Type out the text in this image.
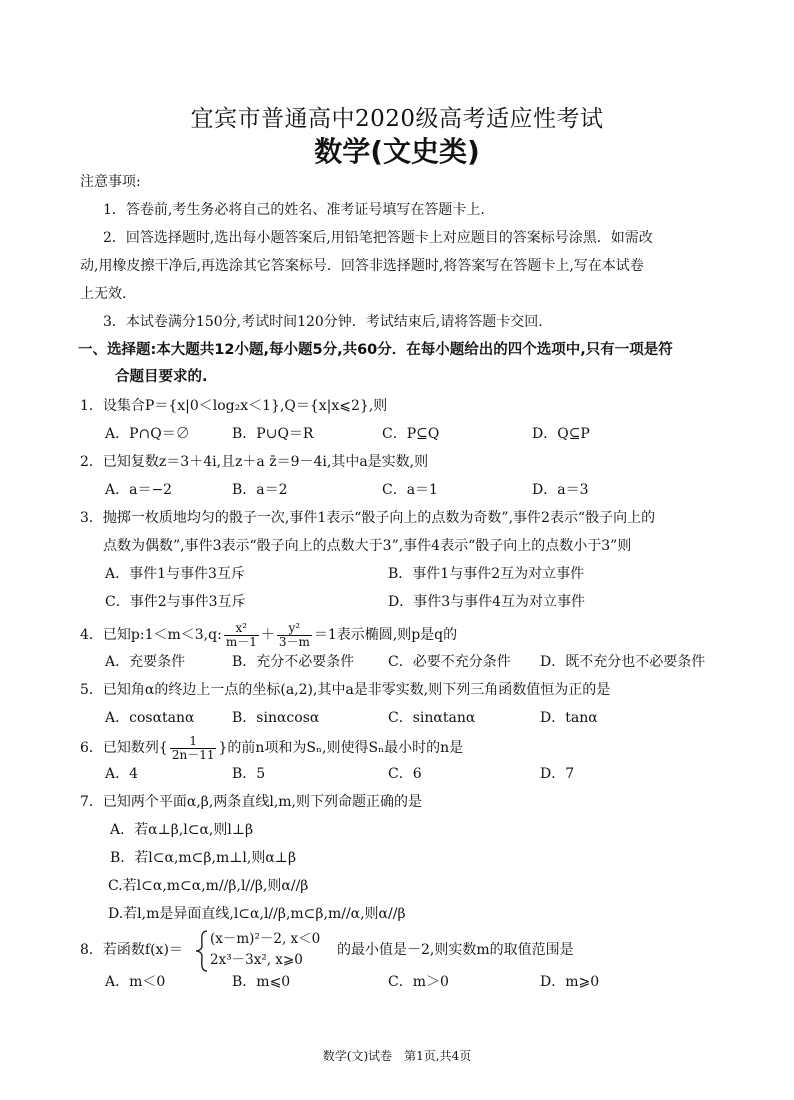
宜宾市普通高中2020级高考适应性考试
数学(文史类)
注意事项:
1．答卷前,考生务必将自己的姓名、准考证号填写在答题卡上.
2．回答选择题时,选出每小题答案后,用铅笔把答题卡上对应题目的答案标号涂黑．如需改
动,用橡皮擦干净后,再选涂其它答案标号．回答非选择题时,将答案写在答题卡上,写在本试卷
上无效.
3．本试卷满分150分,考试时间120分钟．考试结束后,请将答题卡交回.
一、选择题:本大题共12小题,每小题5分,共60分．在每小题给出的四个选项中,只有一项是符
合题目要求的.
1．设集合P＝{x|0＜log₂x＜1},Q＝{x|x⩽2},则
A．P∩Q＝∅	B．P∪Q＝R	C．P⊆Q	D．Q⊆P
2．已知复数z＝3＋4i,且z＋a z̄＝9－4i,其中a是实数,则
A．a＝−2	B．a＝2	C．a＝1	D．a＝3
3．抛掷一枚质地均匀的骰子一次,事件1表示“骰子向上的点数为奇数”,事件2表示“骰子向上的
点数为偶数”,事件3表示“骰子向上的点数大于3”,事件4表示“骰子向上的点数小于3”则
A．事件1与事件3互斥	B．事件1与事件2互为对立事件
C．事件2与事件3互斥	D．事件3与事件4互为对立事件
4．已知p:1＜m＜3,q: $\frac{\text{x²}}{m-1} + \frac{\text{y²}}{3-m} =1$表示椭圆,则p是q的
A．充要条件	B．充分不必要条件 C．必要不充分条件 D．既不充分也不必要条件
5．已知角α的终边上一点的坐标(a,2),其中a是非零实数,则下列三角函数值恒为正的是
A．cosαtanα	B．sinαcosα	C．sinαtanα	D．tanα
6．已知数列{ $\frac{1}{2n-11}$ }的前n项和为Sₙ,则使得Sₙ最小时的n是
A．4	B．5	C．6	D．7
7．已知两个平面α,β,两条直线l,m,则下列命题正确的是
A．若α⊥β,l⊂α,则l⊥β
B．若l⊂α,m⊂β,m⊥l,则α⊥β
C.若l⊂α,m⊂α,m//β,l//β,则α//β
D.若l,m是异面直线,l⊂α,l//β,m⊂β,m//α,则α//β
8．若函数f(x)＝
(x－m)²－2, x＜0
2x³－3x², x⩾0
的最小值是－2,则实数m的取值范围是
A．m＜0	B．m⩽0	C．m＞0	D．m⩾0
数学(文)试卷　第1页,共4页
